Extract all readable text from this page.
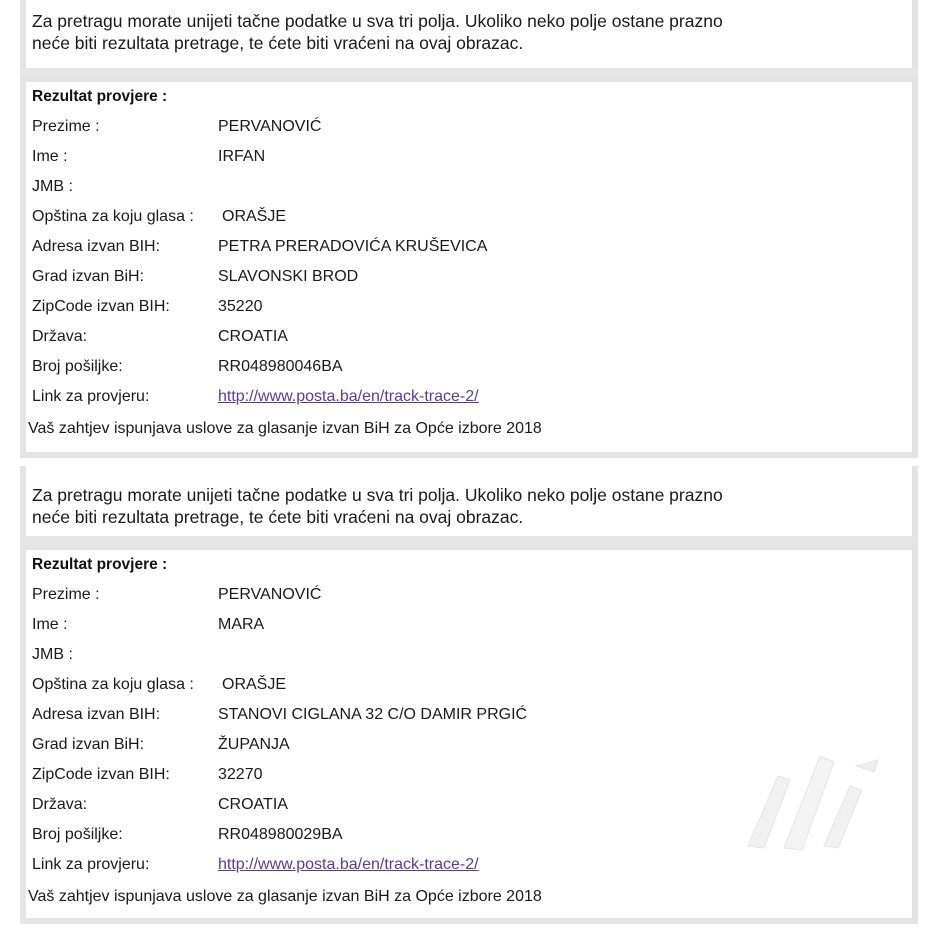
Za pretragu morate unijeti tačne podatke u sva tri polja. Ukoliko neko polje ostane prazno
neće biti rezultata pretrage, te ćete biti vraćeni na ovaj obrazac.
Rezultat provjere :
Prezime :	PERVANOVIĆ
Ime :	IRFAN
JMB :
Opština za koju glasa : ORAŠJE
Adresa izvan BIH:	PETRA PRERADOVIĆA KRUŠEVICA
Grad izvan BiH:	SLAVONSKI BROD
ZipCode izvan BIH:	35220
Država:	CROATIA
Broj pošiljke:	RR048980046BA
Link za provjeru:	http://www.posta.ba/en/track-trace-2/
Vaš zahtjev ispunjava uslove za glasanje izvan BiH za Opće izbore 2018
Za pretragu morate unijeti tačne podatke u sva tri polja. Ukoliko neko polje ostane prazno
neće biti rezultata pretrage, te ćete biti vraćeni na ovaj obrazac.
Rezultat provjere :
Prezime :	PERVANOVIĆ
Ime :	MARA
JMB :
Opština za koju glasa : ORAŠJE
Adresa izvan BIH:	STANOVI CIGLANA 32 C/O DAMIR PRGIĆ
Grad izvan BiH:	ŽUPANJA
ZipCode izvan BIH:	32270
Država:	CROATIA
Broj pošiljke:	RR048980029BA
Link za provjeru:	http://www.posta.ba/en/track-trace-2/
Vaš zahtjev ispunjava uslove za glasanje izvan BiH za Opće izbore 2018
